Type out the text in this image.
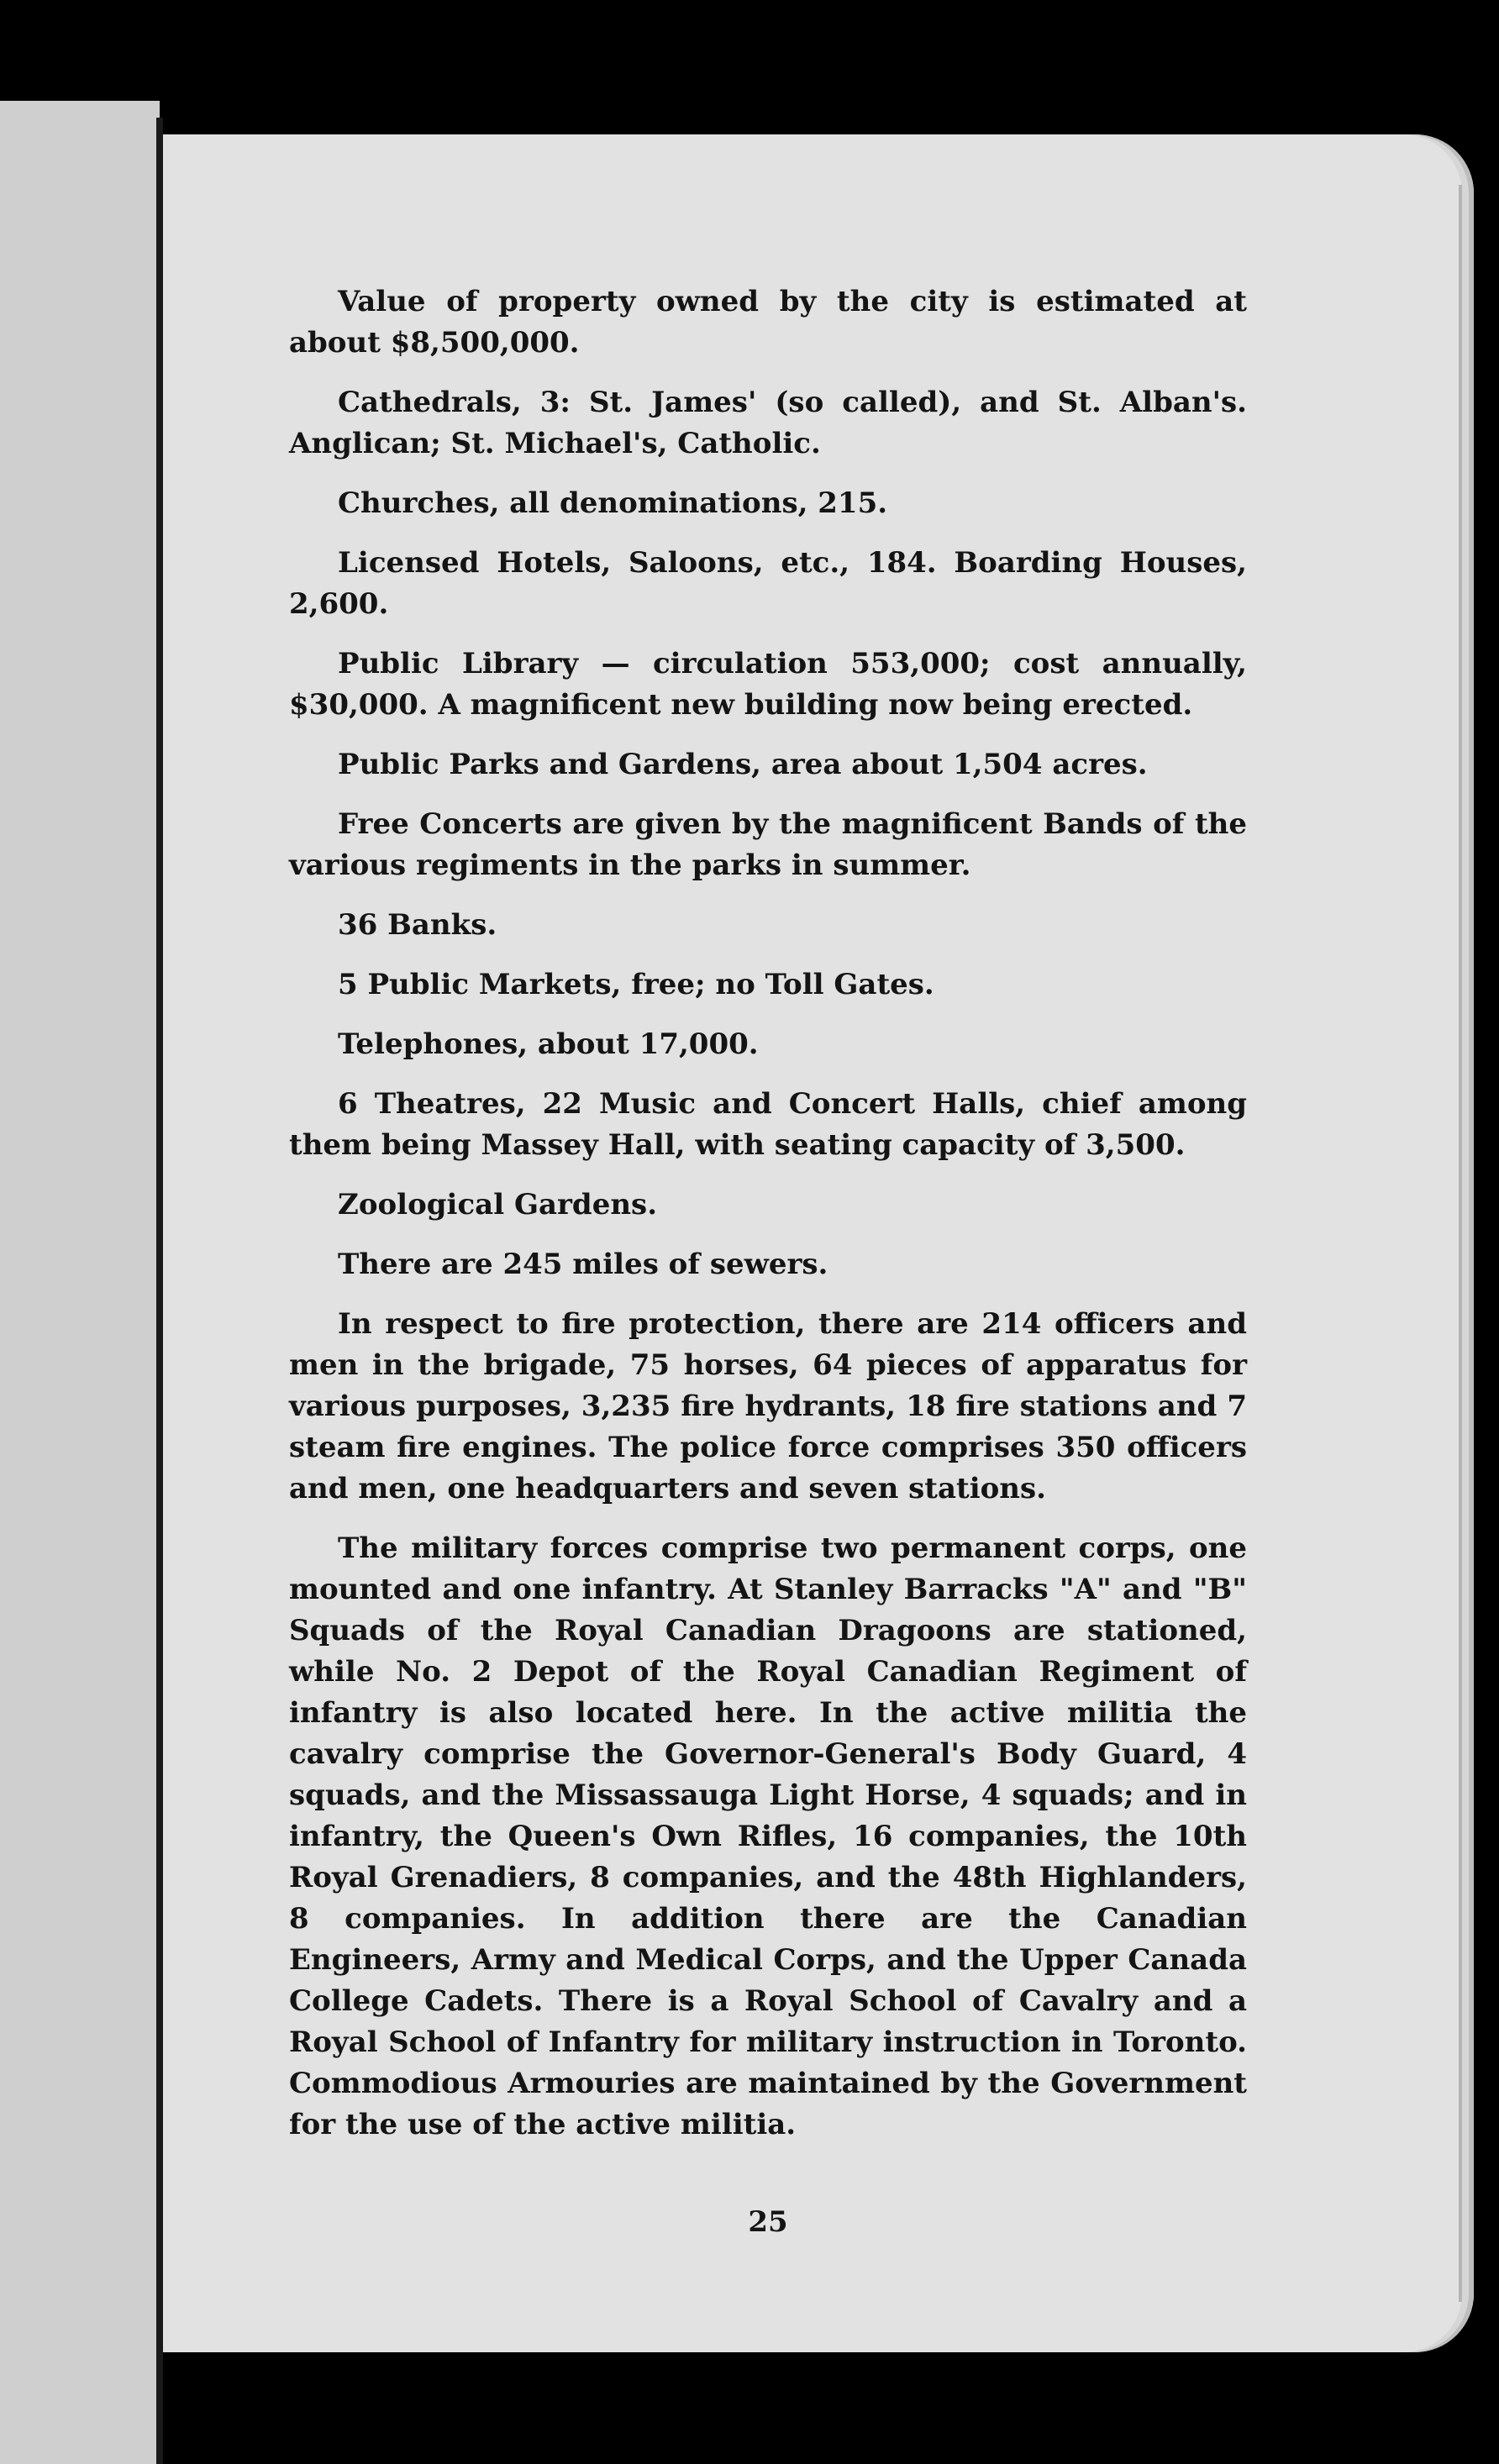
Value of property owned by the city is estimated at about $8,500,000.

Cathedrals, 3: St. James' (so called), and St. Alban's. Anglican; St. Michael's, Catholic.

Churches, all denominations, 215.

Licensed Hotels, Saloons, etc., 184. Boarding Houses, 2,600.

Public Library — circulation 553,000; cost annually, $30,000. A magnificent new building now being erected.

Public Parks and Gardens, area about 1,504 acres.

Free Concerts are given by the magnificent Bands of the various regiments in the parks in summer.

36 Banks.

5 Public Markets, free; no Toll Gates.

Telephones, about 17,000.

6 Theatres, 22 Music and Concert Halls, chief among them being Massey Hall, with seating capacity of 3,500.

Zoological Gardens.

There are 245 miles of sewers.

In respect to fire protection, there are 214 officers and men in the brigade, 75 horses, 64 pieces of apparatus for various purposes, 3,235 fire hydrants, 18 fire stations and 7 steam fire engines. The police force comprises 350 officers and men, one headquarters and seven stations.

The military forces comprise two permanent corps, one mounted and one infantry. At Stanley Barracks "A" and "B" Squads of the Royal Canadian Dragoons are stationed, while No. 2 Depot of the Royal Canadian Regiment of infantry is also located here. In the active militia the cavalry comprise the Governor-General's Body Guard, 4 squads, and the Missassauga Light Horse, 4 squads; and in infantry, the Queen's Own Rifles, 16 companies, the 10th Royal Grenadiers, 8 companies, and the 48th Highlanders, 8 companies. In addition there are the Canadian Engineers, Army and Medical Corps, and the Upper Canada College Cadets. There is a Royal School of Cavalry and a Royal School of Infantry for military instruction in Toronto. Commodious Armouries are maintained by the Government for the use of the active militia.

25
